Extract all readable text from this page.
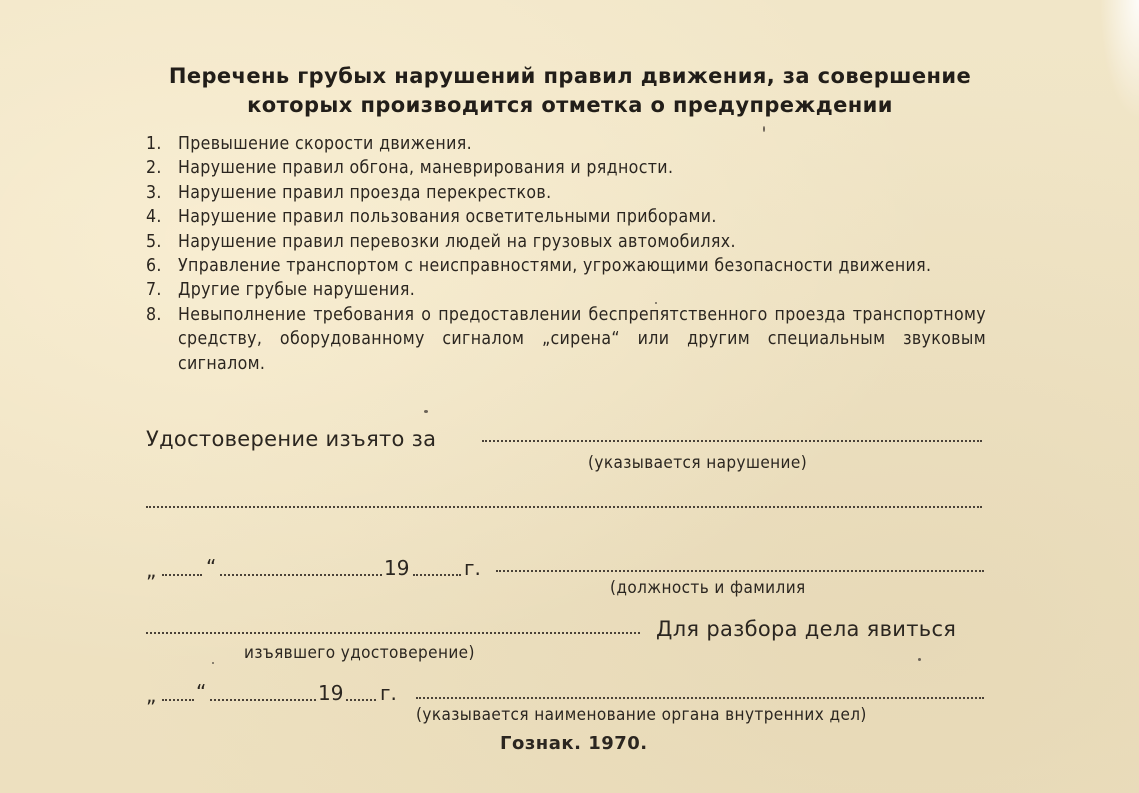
Перечень грубых нарушений правил движения, за совершение
которых производится отметка о предупреждении
1. Превышение скорости движения.
2. Нарушение правил обгона, маневрирования и рядности.
3. Нарушение правил проезда перекрестков.
4. Нарушение правил пользования осветительными приборами.
5. Нарушение правил перевозки людей на грузовых автомобилях.
6. Управление транспортом с неисправностями, угрожающими безопасности движения.
7. Другие грубые нарушения.
8. Невыполнение требования о предоставлении беспрепятственного проезда транспортному средству, оборудованному сигналом „сирена“ или другим специальным звуковым сигналом.
Удостоверение изъято за
(указывается нарушение)
„ “	19	г.
(должность и фамилия
Для разбора дела явиться
изъявшего удостоверение)
„ “	19 г.
(указывается наименование органа внутренних дел)
Гознак. 1970.
